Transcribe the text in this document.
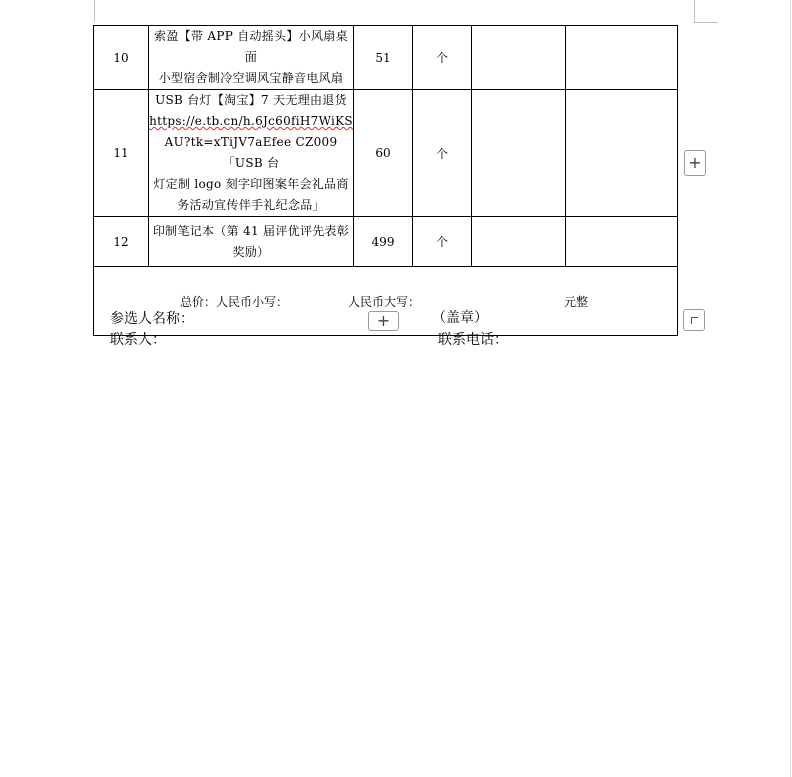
10	索盈【带 APP 自动摇头】小风扇桌面
小型宿舍制冷空调风宝静音电风扇	51	个		
11	USB 台灯【淘宝】7 天无理由退货
https://e.tb.cn/h.6Jc60fiH7WiKS
AU?tk=xTiJV7aEfee CZ009 「USB 台
灯定制 logo 刻字印图案年会礼品商
务活动宣传伴手礼纪念品」	60	个		
12	印制笔记本（第 41 届评优评先表彰
奖励）	499	个		

总价：人民币小写： 人民币大写： 元整					
参选人名称：	（盖章）
联系人：	联系电话：
+
+
